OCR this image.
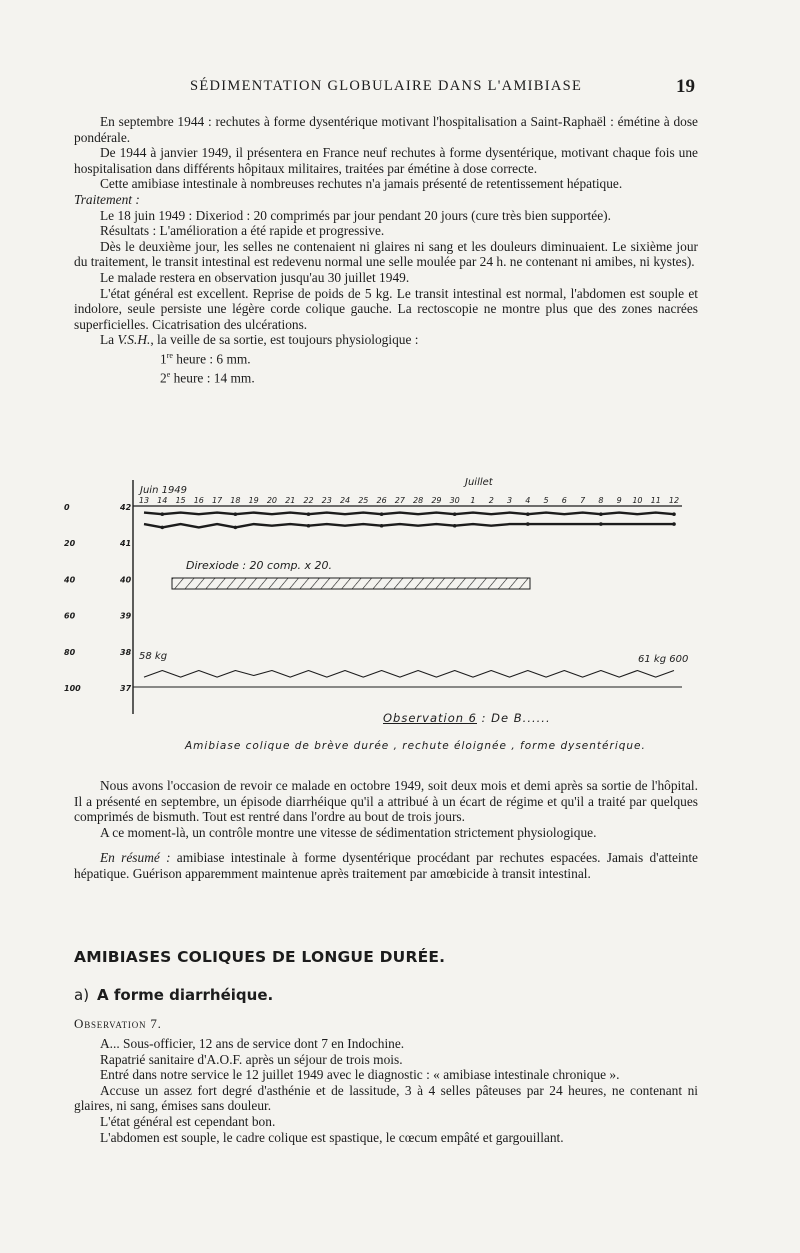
SÉDIMENTATION GLOBULAIRE DANS L'AMIBIASE	19

En septembre 1944 : rechutes à forme dysentérique motivant l'hospitalisation a Saint-Raphaël : émétine à dose pondérale.

De 1944 à janvier 1949, il présentera en France neuf rechutes à forme dysentérique, motivant chaque fois une hospitalisation dans différents hôpitaux militaires, traitées par émétine à dose correcte.

Cette amibiase intestinale à nombreuses rechutes n'a jamais présenté de retentissement hépatique.

Traitement :

Le 18 juin 1949 : Dixeriod : 20 comprimés par jour pendant 20 jours (cure très bien supportée).

Résultats : L'amélioration a été rapide et progressive.

Dès le deuxième jour, les selles ne contenaient ni glaires ni sang et les douleurs diminuaient. Le sixième jour du traitement, le transit intestinal est redevenu normal une selle moulée par 24 h. ne contenant ni amibes, ni kystes).

Le malade restera en observation jusqu'au 30 juillet 1949.

L'état général est excellent. Reprise de poids de 5 kg. Le transit intestinal est normal, l'abdomen est souple et indolore, seule persiste une légère corde colique gauche. La rectoscopie ne montre plus que des zones nacrées superficielles. Cicatrisation des ulcérations.

La V.S.H., la veille de sa sortie, est toujours physiologique :

1re heure : 6 mm.

2e heure : 14 mm.

Juin 1949
Juillet
13 14 15 16 17 18 19 20 21 22 23 24 25 26 27 28 29 30 1 2 3 4 5 6 7 8 9 10 11 12
0
20
40
60
80
100
42
41
40
39
38
37
Direxiode : 20 comp. x 20.
58 kg	61 kg 600
Observation 6 : De B......
Amibiase colique de brève durée , rechute éloignée , forme dysentérique.

Nous avons l'occasion de revoir ce malade en octobre 1949, soit deux mois et demi après sa sortie de l'hôpital. Il a présenté en septembre, un épisode diarrhéique qu'il a attribué à un écart de régime et qu'il a traité par quelques comprimés de bismuth. Tout est rentré dans l'ordre au bout de trois jours.

A ce moment-là, un contrôle montre une vitesse de sédimentation strictement physiologique.

En résumé : amibiase intestinale à forme dysentérique procédant par rechutes espacées. Jamais d'atteinte hépatique. Guérison apparemment maintenue après traitement par amœbicide à transit intestinal.

AMIBIASES COLIQUES DE LONGUE DURÉE.
a) A forme diarrhéique.
Observation 7.

A... Sous-officier, 12 ans de service dont 7 en Indochine.

Rapatrié sanitaire d'A.O.F. après un séjour de trois mois.

Entré dans notre service le 12 juillet 1949 avec le diagnostic : « amibiase intestinale chronique ».

Accuse un assez fort degré d'asthénie et de lassitude, 3 à 4 selles pâteuses par 24 heures, ne contenant ni glaires, ni sang, émises sans douleur.

L'état général est cependant bon.

L'abdomen est souple, le cadre colique est spastique, le cœcum empâté et gargouillant.
